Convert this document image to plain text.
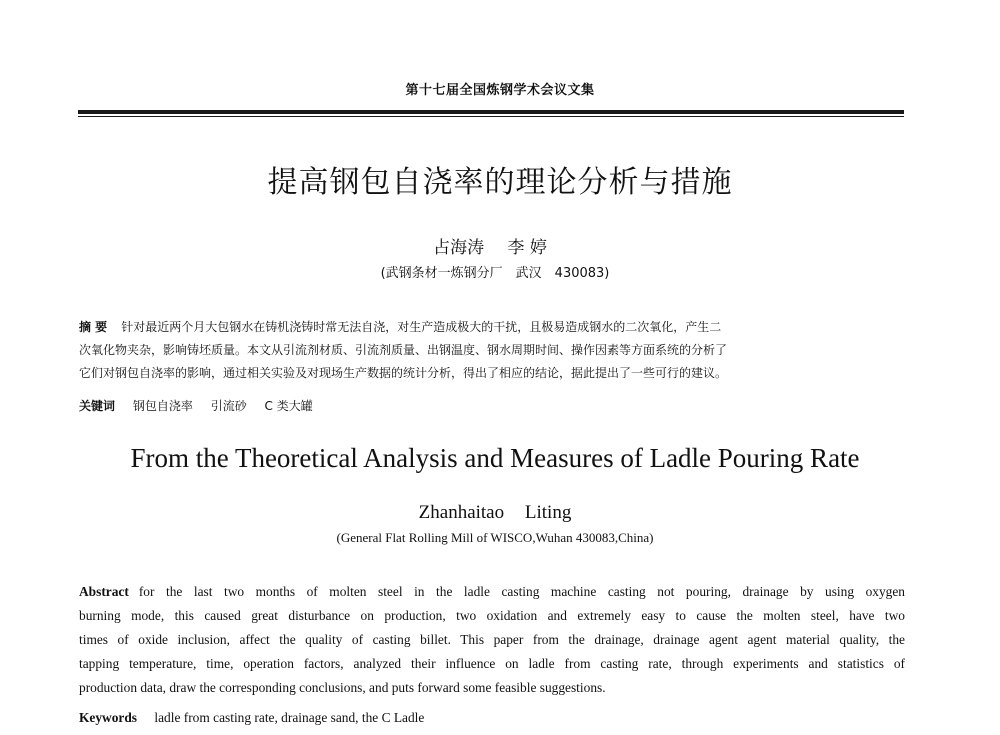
第十七届全国炼钢学术会议文集
提高钢包自浇率的理论分析与措施
占海涛 李 婷
(武钢条材一炼钢分厂　武汉　430083)
摘 要 针对最近两个月大包钢水在铸机浇铸时常无法自浇，对生产造成极大的干扰，且极易造成钢水的二次氧化，产生二
次氧化物夹杂，影响铸坯质量。本文从引流剂材质、引流剂质量、出钢温度、钢水周期时间、操作因素等方面系统的分析了
它们对钢包自浇率的影响，通过相关实验及对现场生产数据的统计分析，得出了相应的结论，据此提出了一些可行的建议。
关键词 钢包自浇率 引流砂 C 类大罐
From the Theoretical Analysis and Measures of Ladle Pouring Rate
Zhanhaitao Liting
(General Flat Rolling Mill of WISCO,Wuhan 430083,China)
Abstract for the last two months of molten steel in the ladle casting machine casting not pouring, drainage by using oxygen
burning mode, this caused great disturbance on production, two oxidation and extremely easy to cause the molten steel, have two
times of oxide inclusion, affect the quality of casting billet. This paper from the drainage, drainage agent agent material quality, the
tapping temperature, time, operation factors, analyzed their influence on ladle from casting rate, through experiments and statistics of
production data, draw the corresponding conclusions, and puts forward some feasible suggestions.
Keywords ladle from casting rate, drainage sand, the C Ladle
